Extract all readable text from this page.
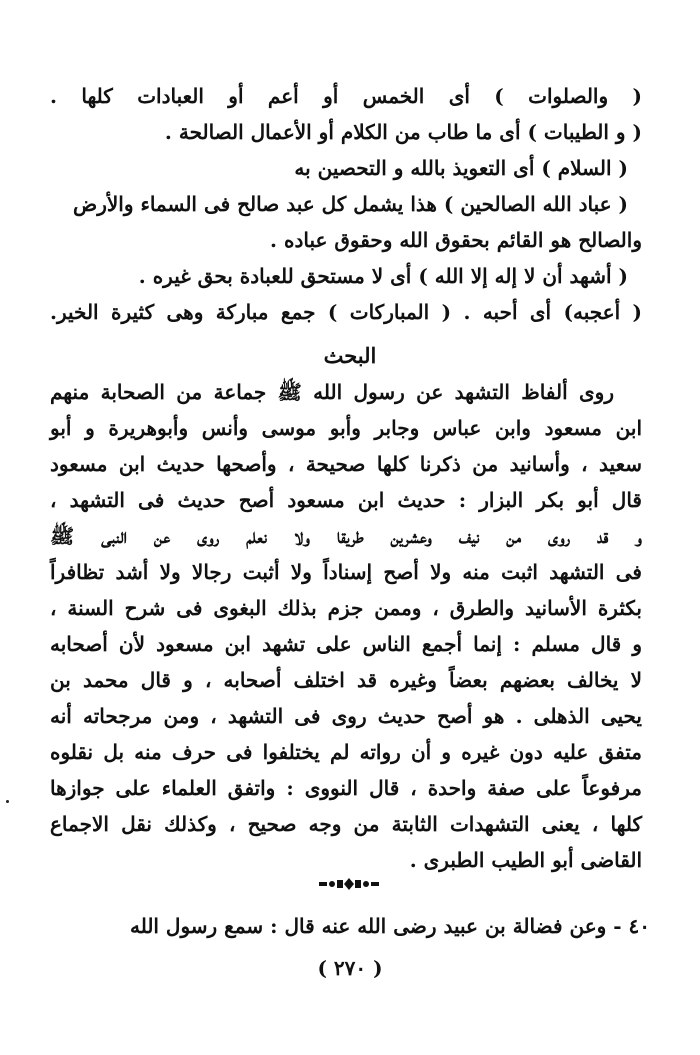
( والصلوات ) أى الخمس أو أعم أو العبادات كلها .
( و الطيبات ) أى ما طاب من الكلام أو الأعمال الصالحة .
( السلام ) أى التعويذ بالله و التحصين به
( عباد الله الصالحين ) هذا يشمل كل عبد صالح فى السماء والأرض
والصالح هو القائم بحقوق الله وحقوق عباده .
( أشهد أن لا إله إلا الله ) أى لا مستحق للعبادة بحق غيره .
( أعجبه) أى أحبه . ( المباركات ) جمع مباركة وهى كثيرة الخير.
البحث
روى ألفاظ التشهد عن رسول الله ﷺ جماعة من الصحابة منهم
ابن مسعود وابن عباس وجابر وأبو موسى وأنس وأبوهريرة و أبو
سعيد ، وأسانيد من ذكرنا كلها صحيحة ، وأصحها حديث ابن مسعود
قال أبو بكر البزار : حديث ابن مسعود أصح حديث فى التشهد ،
و قد روى من نيف وعشرين طريقا ولا نعلم روى عن النبى ﷺ
فى التشهد اثبت منه ولا أصح إسناداً ولا أثبت رجالا ولا أشد تظافراً
بكثرة الأسانيد والطرق ، وممن جزم بذلك البغوى فى شرح السنة ،
و قال مسلم : إنما أجمع الناس على تشهد ابن مسعود لأن أصحابه
لا يخالف بعضهم بعضاً وغيره قد اختلف أصحابه ، و قال محمد بن
يحيى الذهلى . هو أصح حديث روى فى التشهد ، ومن مرجحاته أنه
متفق عليه دون غيره و أن رواته لم يختلفوا فى حرف منه بل نقلوه
مرفوعاً على صفة واحدة ، قال النووى : واتفق العلماء على جوازها
كلها ، يعنى التشهدات الثابتة من وجه صحيح ، وكذلك نقل الاجماع
القاضى أبو الطيب الطبرى .
٤٠ - وعن فضالة بن عبيد رضى الله عنه قال : سمع رسول الله
( ٢٧٠ )
